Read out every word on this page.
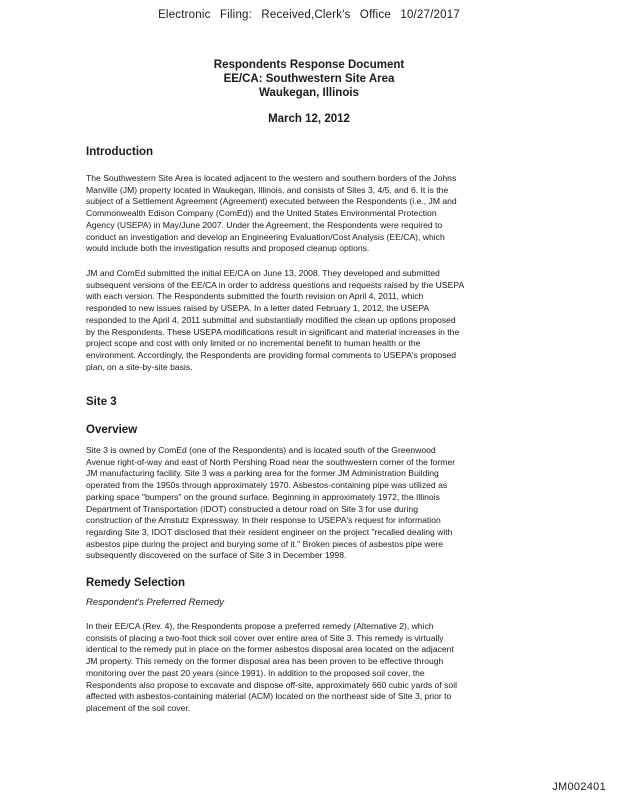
Electronic Filing: Received,Clerk's Office 10/27/2017
Respondents Response Document
EE/CA: Southwestern Site Area
Waukegan, Illinois
March 12, 2012
Introduction
The Southwestern Site Area is located adjacent to the western and southern borders of the Johns
Manville (JM) property located in Waukegan, Illinois, and consists of Sites 3, 4/5, and 6. It is the
subject of a Settlement Agreement (Agreement) executed between the Respondents (i.e., JM and
Commonwealth Edison Company (ComEd)) and the United States Environmental Protection
Agency (USEPA) in May/June 2007. Under the Agreement, the Respondents were required to
conduct an investigation and develop an Engineering Evaluation/Cost Analysis (EE/CA), which
would include both the investigation results and proposed cleanup options.
JM and ComEd submitted the initial EE/CA on June 13, 2008. They developed and submitted
subsequent versions of the EE/CA in order to address questions and requests raised by the USEPA
with each version. The Respondents submitted the fourth revision on April 4, 2011, which
responded to new issues raised by USEPA. In a letter dated February 1, 2012, the USEPA
responded to the April 4, 2011 submittal and substantially modified the clean up options proposed
by the Respondents. These USEPA modifications result in significant and material increases in the
project scope and cost with only limited or no incremental benefit to human health or the
environment. Accordingly, the Respondents are providing formal comments to USEPA's proposed
plan, on a site-by-site basis.
Site 3
Overview
Site 3 is owned by ComEd (one of the Respondents) and is located south of the Greenwood
Avenue right-of-way and east of North Pershing Road near the southwestern corner of the former
JM manufacturing facility. Site 3 was a parking area for the former JM Administration Building
operated from the 1950s through approximately 1970. Asbestos-containing pipe was utilized as
parking space "bumpers" on the ground surface. Beginning in approximately 1972, the Illinois
Department of Transportation (IDOT) constructed a detour road on Site 3 for use during
construction of the Amstutz Expressway. In their response to USEPA's request for information
regarding Site 3, IDOT disclosed that their resident engineer on the project "recalled dealing with
asbestos pipe during the project and burying some of it." Broken pieces of asbestos pipe were
subsequently discovered on the surface of Site 3 in December 1998.
Remedy Selection
Respondent's Preferred Remedy
In their EE/CA (Rev. 4), the Respondents propose a preferred remedy (Alternative 2), which
consists of placing a two-foot thick soil cover over entire area of Site 3. This remedy is virtually
identical to the remedy put in place on the former asbestos disposal area located on the adjacent
JM property. This remedy on the former disposal area has been proven to be effective through
monitoring over the past 20 years (since 1991). In addition to the proposed soil cover, the
Respondents also propose to excavate and dispose off-site, approximately 660 cubic yards of soil
affected with asbestos-containing material (ACM) located on the northeast side of Site 3, prior to
placement of the soil cover.
JM002401
